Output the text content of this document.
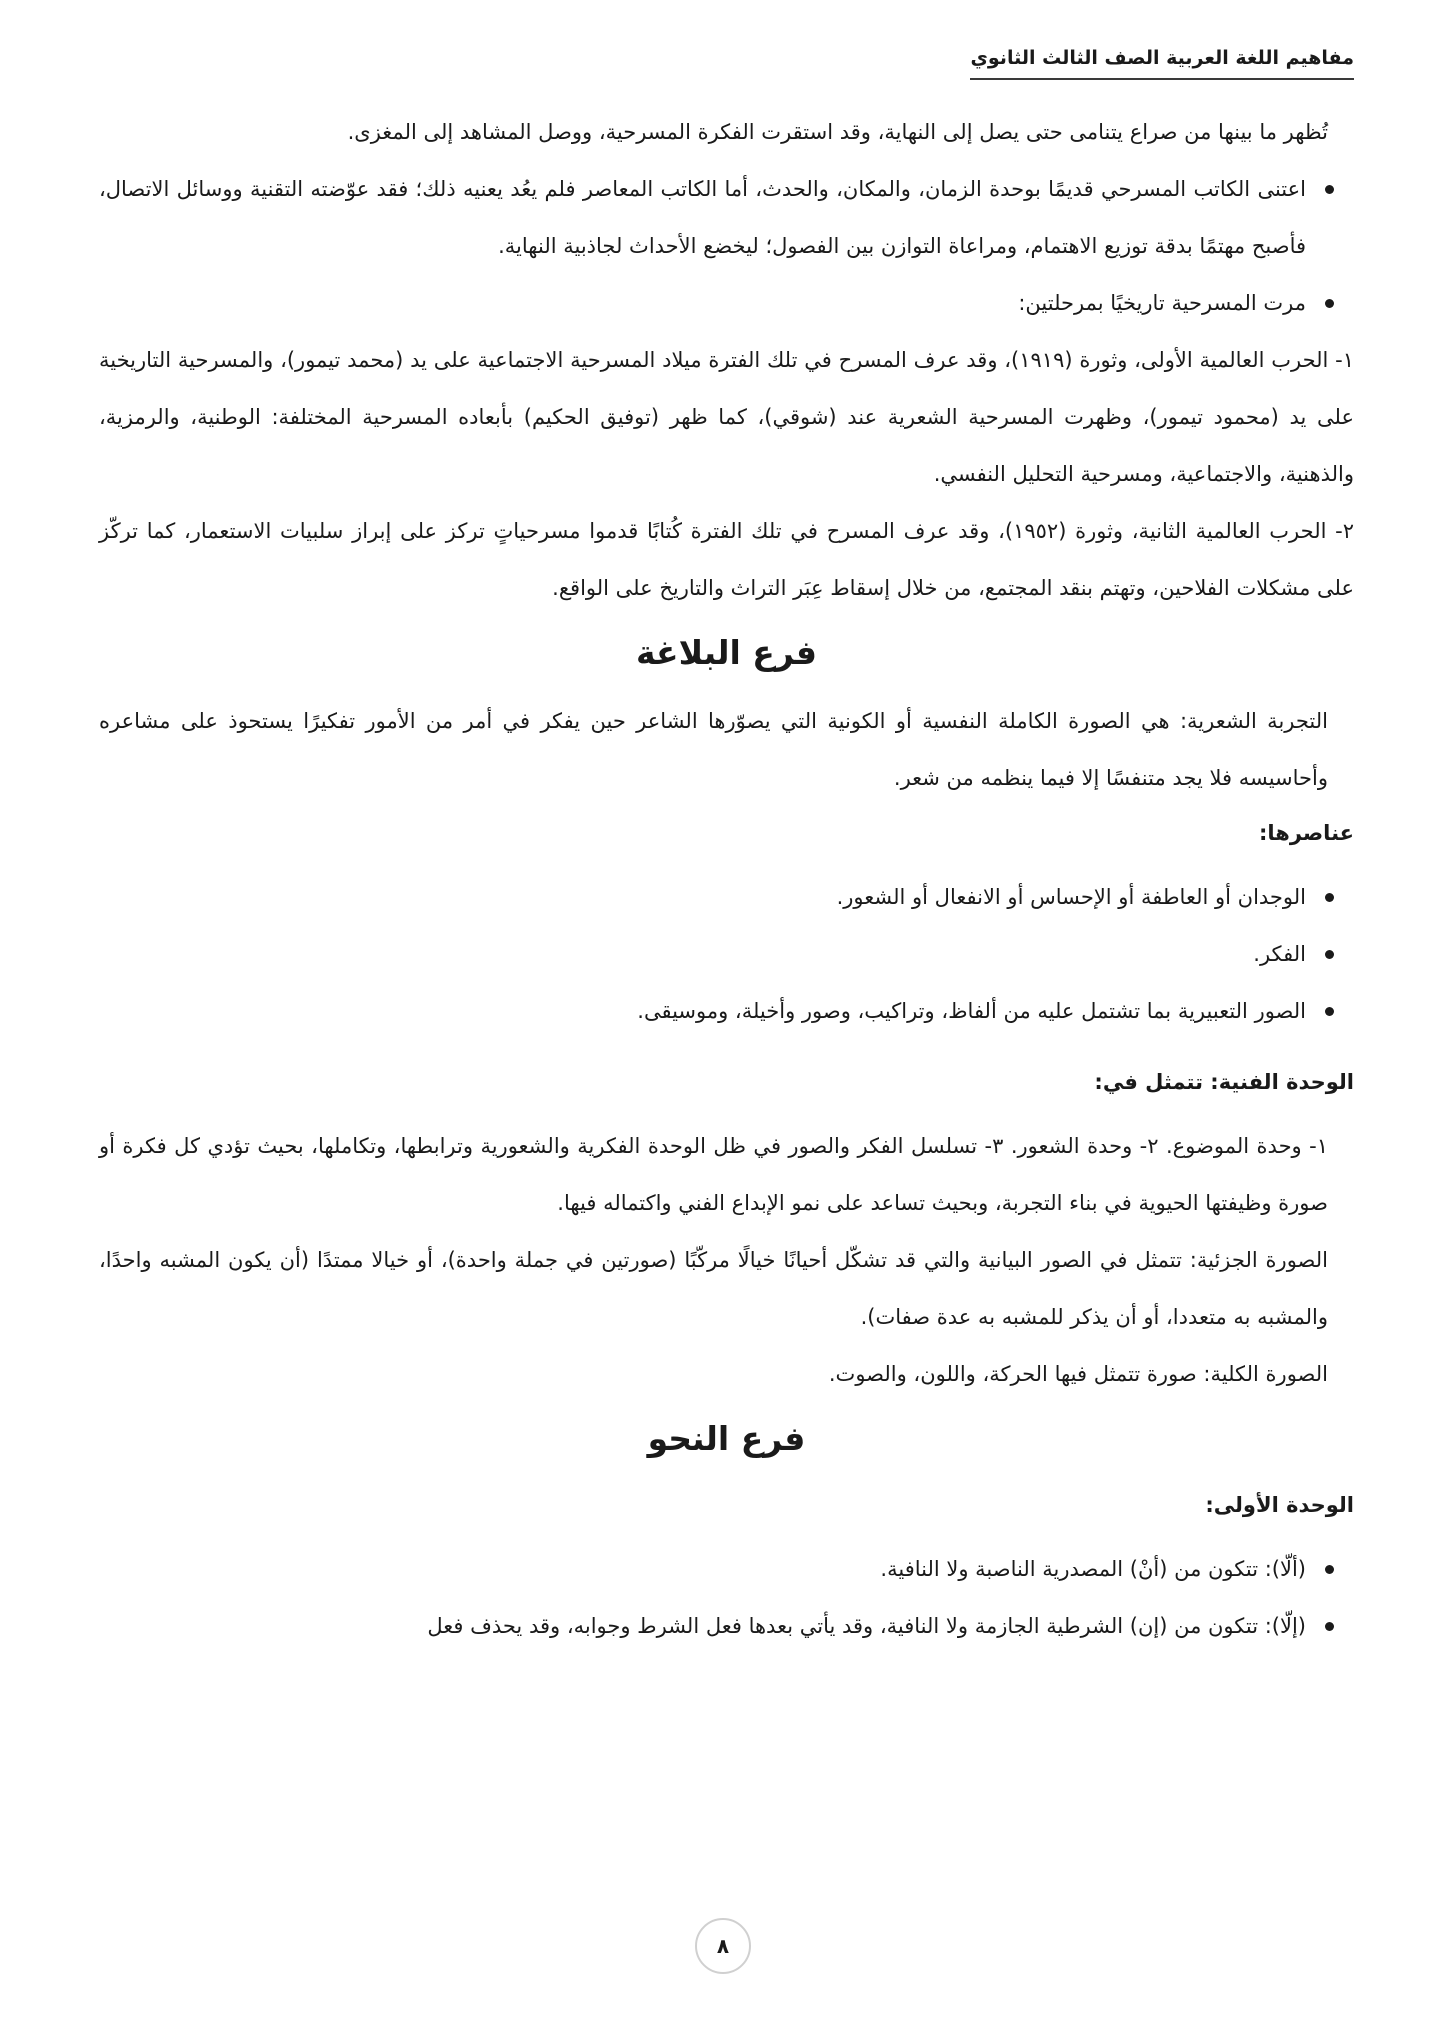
مفاهيم اللغة العربية الصف الثالث الثانوي

تُظهر ما بينها من صراع يتنامى حتى يصل إلى النهاية، وقد استقرت الفكرة المسرحية، ووصل المشاهد إلى المغزى.

اعتنى الكاتب المسرحي قديمًا بوحدة الزمان، والمكان، والحدث، أما الكاتب المعاصر فلم يعُد يعنيه ذلك؛ فقد عوّضته التقنية ووسائل الاتصال، فأصبح مهتمًا بدقة توزيع الاهتمام، ومراعاة التوازن بين الفصول؛ ليخضع الأحداث لجاذبية النهاية.
مرت المسرحية تاريخيًا بمرحلتين:

١- الحرب العالمية الأولى، وثورة (١٩١٩)، وقد عرف المسرح في تلك الفترة ميلاد المسرحية الاجتماعية على يد (محمد تيمور)، والمسرحية التاريخية على يد (محمود تيمور)، وظهرت المسرحية الشعرية عند (شوقي)، كما ظهر (توفيق الحكيم) بأبعاده المسرحية المختلفة: الوطنية، والرمزية، والذهنية، والاجتماعية، ومسرحية التحليل النفسي.

٢- الحرب العالمية الثانية، وثورة (١٩٥٢)، وقد عرف المسرح في تلك الفترة كُتابًا قدموا مسرحياتٍ تركز على إبراز سلبيات الاستعمار، كما تركّز على مشكلات الفلاحين، وتهتم بنقد المجتمع، من خلال إسقاط عِبَر التراث والتاريخ على الواقع.

فرع البلاغة

التجربة الشعرية: هي الصورة الكاملة النفسية أو الكونية التي يصوّرها الشاعر حين يفكر في أمر من الأمور تفكيرًا يستحوذ على مشاعره وأحاسيسه فلا يجد متنفسًا إلا فيما ينظمه من شعر.

عناصرها:
الوجدان أو العاطفة أو الإحساس أو الانفعال أو الشعور.
الفكر.
الصور التعبيرية بما تشتمل عليه من ألفاظ، وتراكيب، وصور وأخيلة، وموسيقى.
الوحدة الفنية: تتمثل في:

١- وحدة الموضوع. ٢- وحدة الشعور. ٣- تسلسل الفكر والصور في ظل الوحدة الفكرية والشعورية وترابطها، وتكاملها، بحيث تؤدي كل فكرة أو صورة وظيفتها الحيوية في بناء التجربة، وبحيث تساعد على نمو الإبداع الفني واكتماله فيها.

الصورة الجزئية: تتمثل في الصور البيانية والتي قد تشكّل أحيانًا خيالًا مركّبًا (صورتين في جملة واحدة)، أو خيالا ممتدًا (أن يكون المشبه واحدًا، والمشبه به متعددا، أو أن يذكر للمشبه به عدة صفات).

الصورة الكلية: صورة تتمثل فيها الحركة، واللون، والصوت.

فرع النحو
الوحدة الأولى:
(ألّا): تتكون من (أنْ) المصدرية الناصبة ولا النافية.
(إلّا): تتكون من (إن) الشرطية الجازمة ولا النافية، وقد يأتي بعدها فعل الشرط وجوابه، وقد يحذف فعل
٨
